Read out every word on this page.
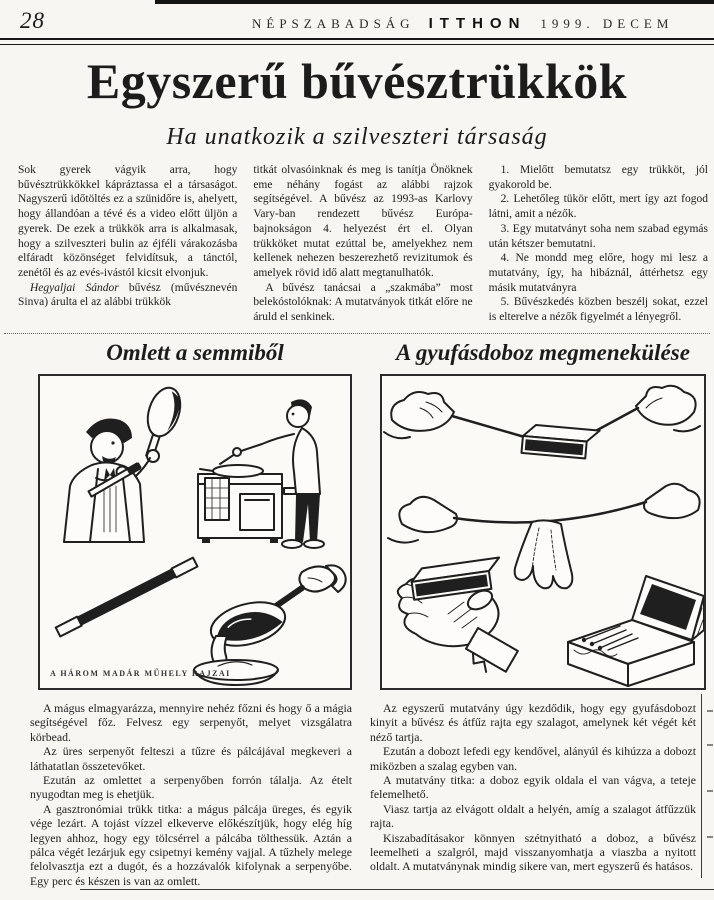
28	NÉPSZABADSÁG ITTHON 1999. DECEM
Egyszerű bűvésztrükkök
Ha unatkozik a szilveszteri társaság

Sok gyerek vágyik arra, hogy bűvésztrükkökkel kápráztassa el a társaságot. Nagyszerű időtöltés ez a szünidőre is, ahelyett, hogy állandóan a tévé és a video előtt üljön a gyerek. De ezek a trükkök arra is alkalmasak, hogy a szilveszteri bulin az éjféli várakozásba elfáradt közönséget felvidítsuk, a tánctól, zenétől és az evés-ivástól kicsit elvonjuk.

Hegyaljai Sándor bűvész (művésznevén Sinva) árulta el az alábbi trükkök

titkát olvasóinknak és meg is tanítja Önöknek eme néhány fogást az alábbi rajzok segítségével. A bűvész az 1993-as Karlovy Vary-ban rendezett bűvész Európa-bajnokságon 4. helyezést ért el. Olyan trükköket mutat ezúttal be, amelyekhez nem kellenek nehezen beszerezhető revizitumok és amelyek rövid idő alatt megtanulhatók.

A bűvész tanácsai a „szakmába” most belekóstolóknak: A mutatványok titkát előre ne áruld el senkinek.

1. Mielőtt bemutatsz egy trükköt, jól gyakorold be.

2. Lehetőleg tükör előtt, mert így azt fogod látni, amit a nézők.

3. Egy mutatványt soha nem szabad egymás után kétszer bemutatni.

4. Ne mondd meg előre, hogy mi lesz a mutatvány, így, ha hibáznál, áttérhetsz egy másik mutatványra

5. Bűvészkedés közben beszélj sokat, ezzel is elterelve a nézők figyelmét a lényegről.

Omlett a semmiből	A gyufásdoboz megmenekülése
A HÁROM MADÁR MŰHELY RAJZAI

A mágus elmagyarázza, mennyire nehéz főzni és hogy ő a mágia segítségével főz. Felvesz egy serpenyőt, melyet vizsgálatra körbead.

Az üres serpenyőt felteszi a tűzre és pálcájával megkeveri a láthatatlan összetevőket.

Ezután az omlettet a serpenyőben forrón tálalja. Az ételt nyugodtan meg is ehetjük.

A gasztronómiai trükk titka: a mágus pálcája üreges, és egyik vége lezárt. A tojást vízzel elkeverve előkészítjük, hogy elég híg legyen ahhoz, hogy egy tölcsérrel a pálcába tölthessük. Aztán a pálca végét lezárjuk egy csipetnyi kemény vajjal. A tűzhely melege felolvasztja ezt a dugót, és a hozzávalók kifolynak a serpenyőbe. Egy perc és készen is van az omlett.

Az egyszerű mutatvány úgy kezdődik, hogy egy gyufásdobozt kinyit a bűvész és átfűz rajta egy szalagot, amelynek két végét két néző tartja.

Ezután a dobozt lefedi egy kendővel, alányúl és kihúzza a dobozt miközben a szalag egyben van.

A mutatvány titka: a doboz egyik oldala el van vágva, a teteje felemelhető.

Viasz tartja az elvágott oldalt a helyén, amíg a szalagot átfűzzük rajta.

Kiszabadításakor könnyen szétnyitható a doboz, a bűvész leemelheti a szalgról, majd visszanyomhatja a viaszba a nyitott oldalt. A mutatványnak mindig sikere van, mert egyszerű és hatásos.
